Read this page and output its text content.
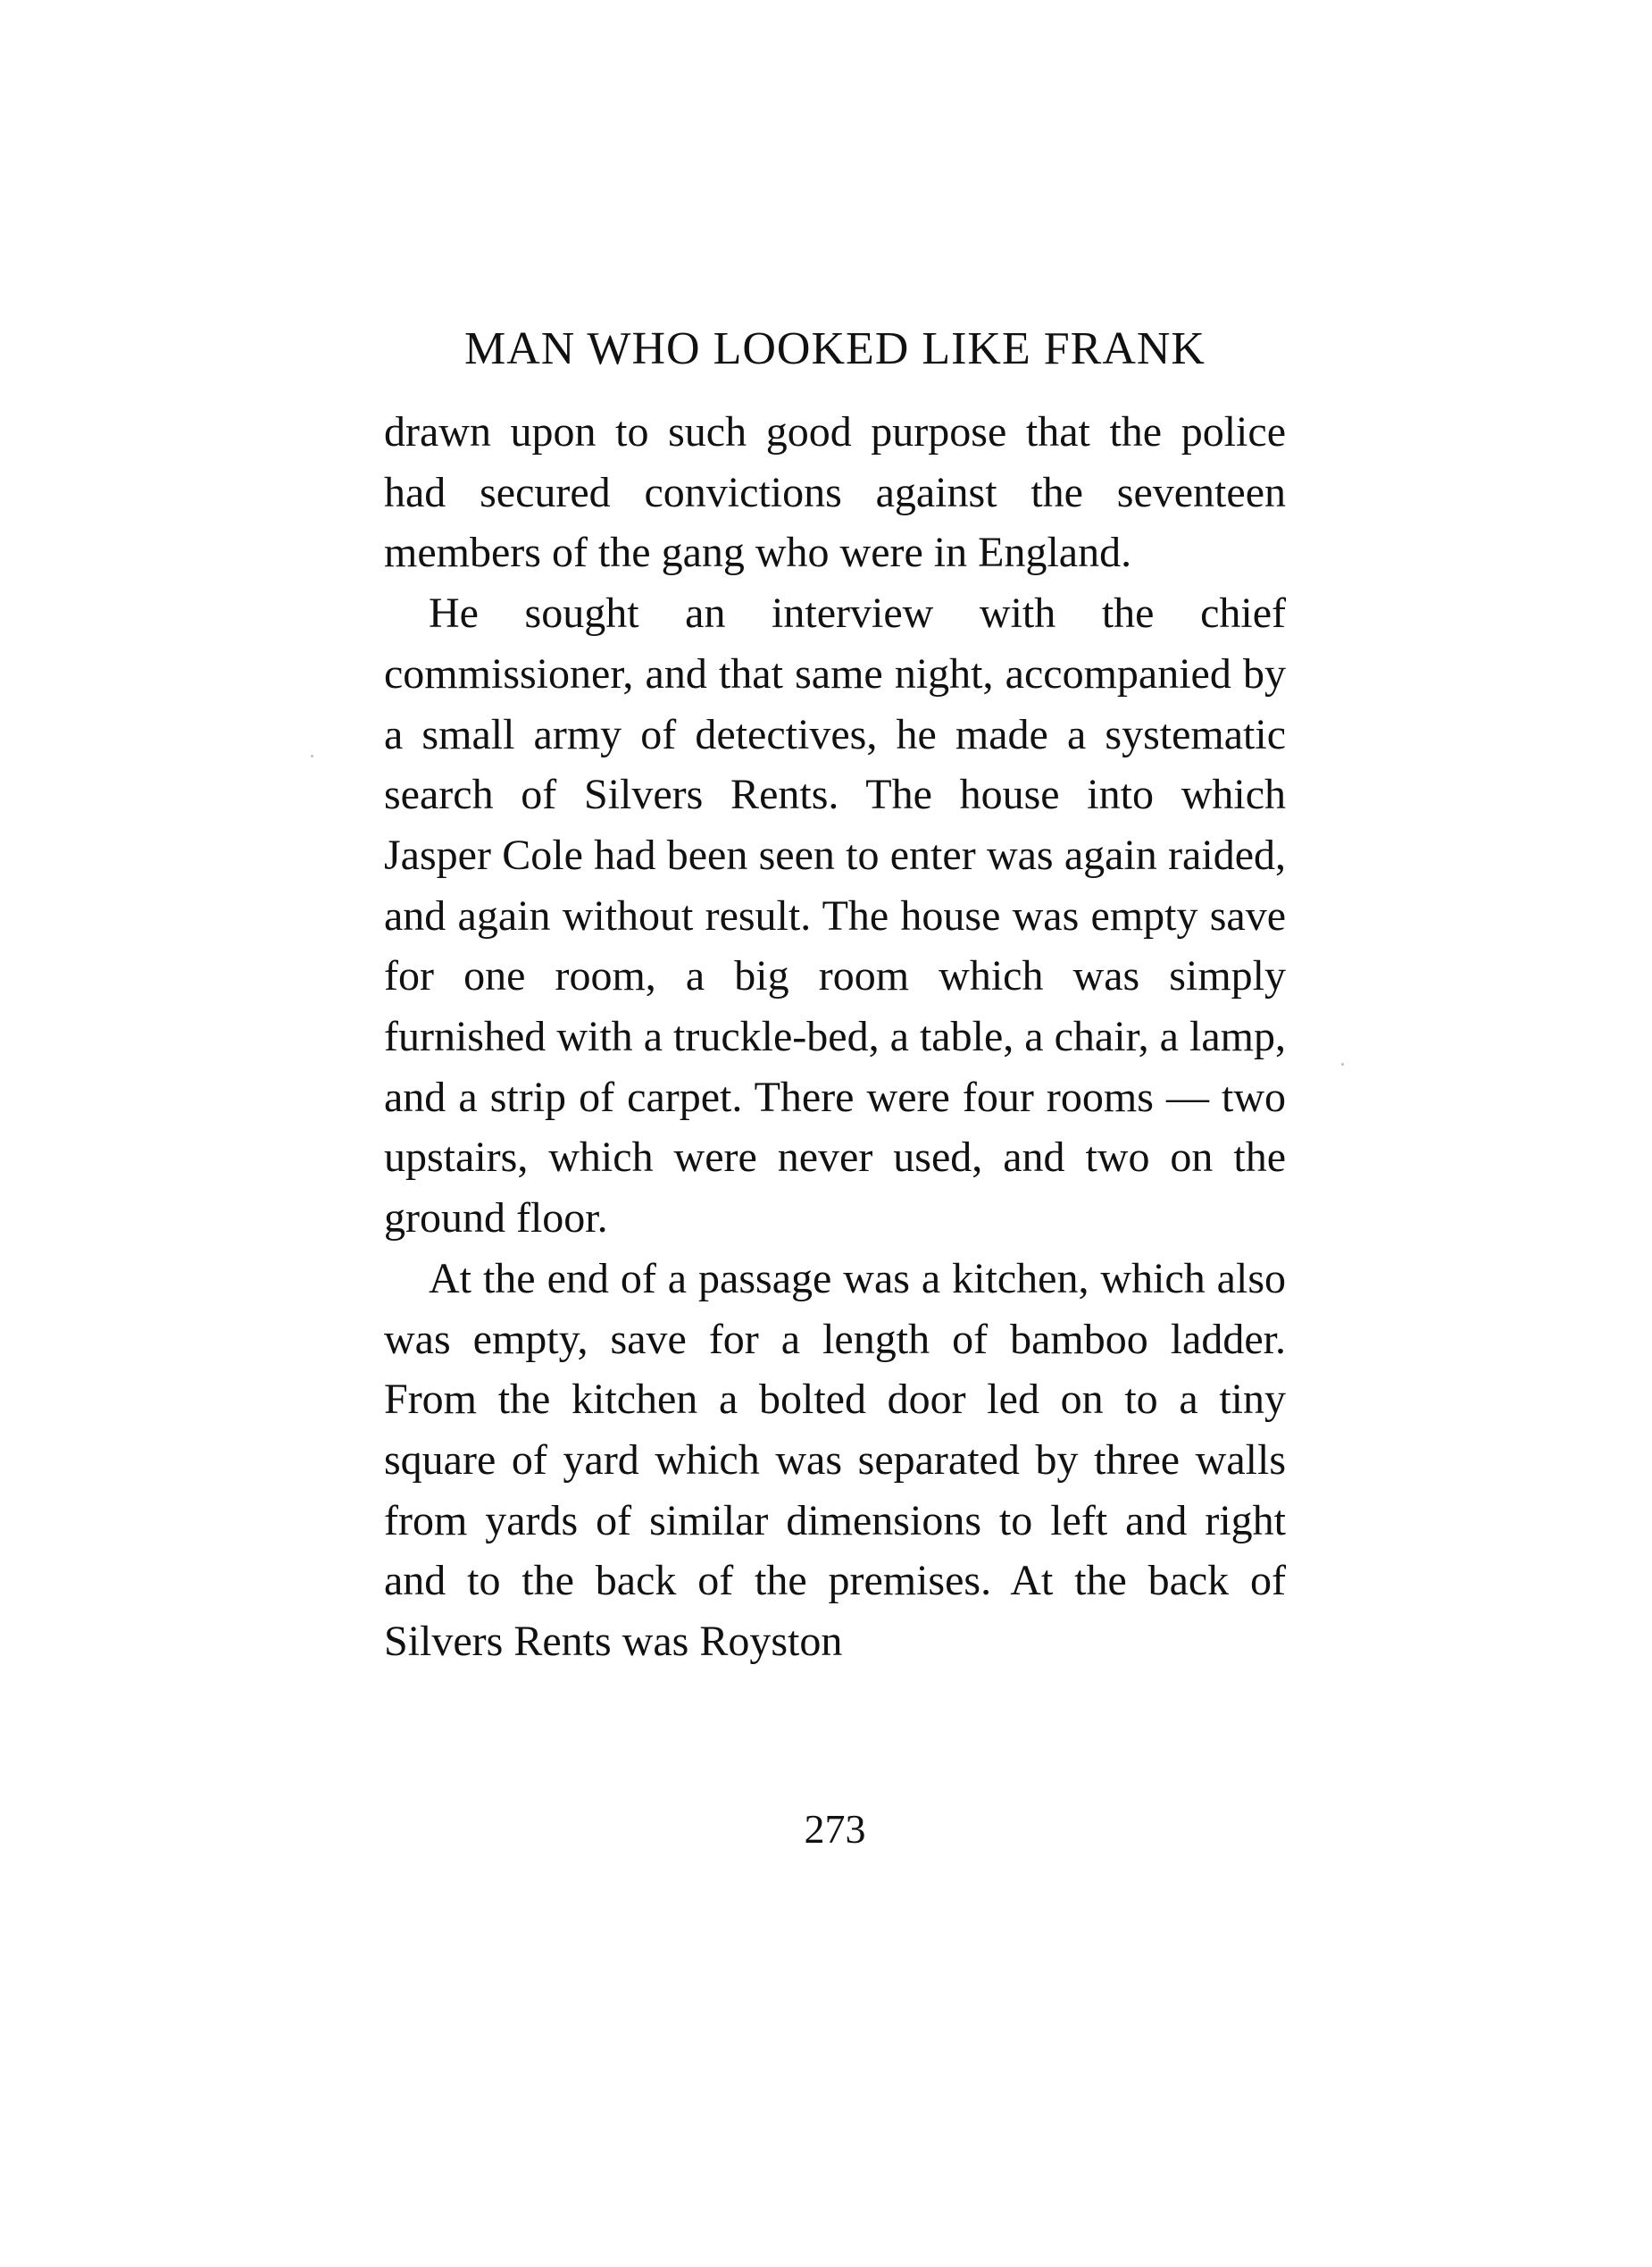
MAN WHO LOOKED LIKE FRANK

drawn upon to such good purpose that the police had secured convictions against the seventeen members of the gang who were in England.

He sought an interview with the chief commissioner, and that same night, accompanied by a small army of detectives, he made a systematic search of Silvers Rents. The house into which Jasper Cole had been seen to enter was again raided, and again without result. The house was empty save for one room, a big room which was simply furnished with a truckle-bed, a table, a chair, a lamp, and a strip of carpet. There were four rooms — two upstairs, which were never used, and two on the ground floor.

At the end of a passage was a kitchen, which also was empty, save for a length of bamboo ladder. From the kitchen a bolted door led on to a tiny square of yard which was separated by three walls from yards of similar dimensions to left and right and to the back of the premises. At the back of Silvers Rents was Royston

273
